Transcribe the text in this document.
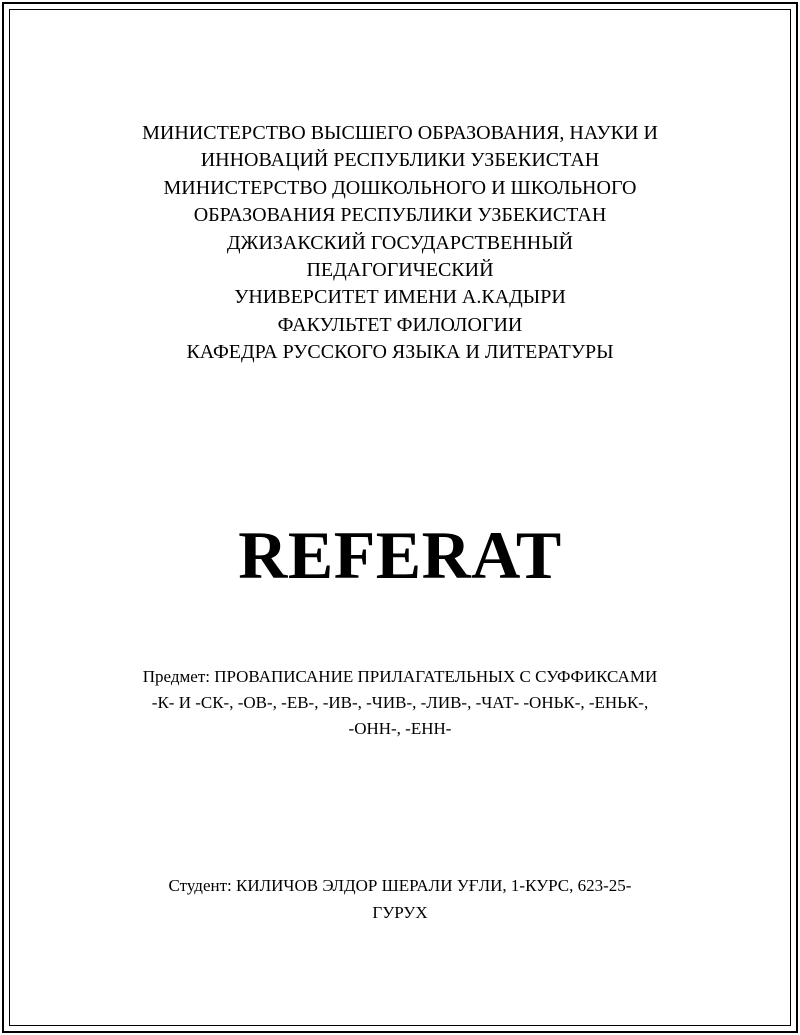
МИНИСТЕРСТВО ВЫСШЕГО ОБРАЗОВАНИЯ, НАУКИ И
ИННОВАЦИЙ РЕСПУБЛИКИ УЗБЕКИСТАН
МИНИСТЕРСТВО ДОШКОЛЬНОГО И ШКОЛЬНОГО
ОБРАЗОВАНИЯ РЕСПУБЛИКИ УЗБЕКИСТАН
ДЖИЗАКСКИЙ ГОСУДАРСТВЕННЫЙ
ПЕДАГОГИЧЕСКИЙ
УНИВЕРСИТЕТ ИМЕНИ А.КАДЫРИ
ФАКУЛЬТЕТ ФИЛОЛОГИИ
КАФЕДРА РУССКОГО ЯЗЫКА И ЛИТЕРАТУРЫ
REFERAT
Предмет: ПРОВАПИСАНИЕ ПРИЛАГАТЕЛЬНЫХ С СУФФИКСАМИ
-К- И -СК-, -ОВ-, -ЕВ-, -ИВ-, -ЧИВ-, -ЛИВ-, -ЧАТ- -ОНЬК-, -ЕНЬК-,
-ОНН-, -ЕНН-
Студент: КИЛИЧОВ ЭЛДОР ШЕРАЛИ УҒЛИ, 1-КУРС, 623-25-
ГУРУХ
